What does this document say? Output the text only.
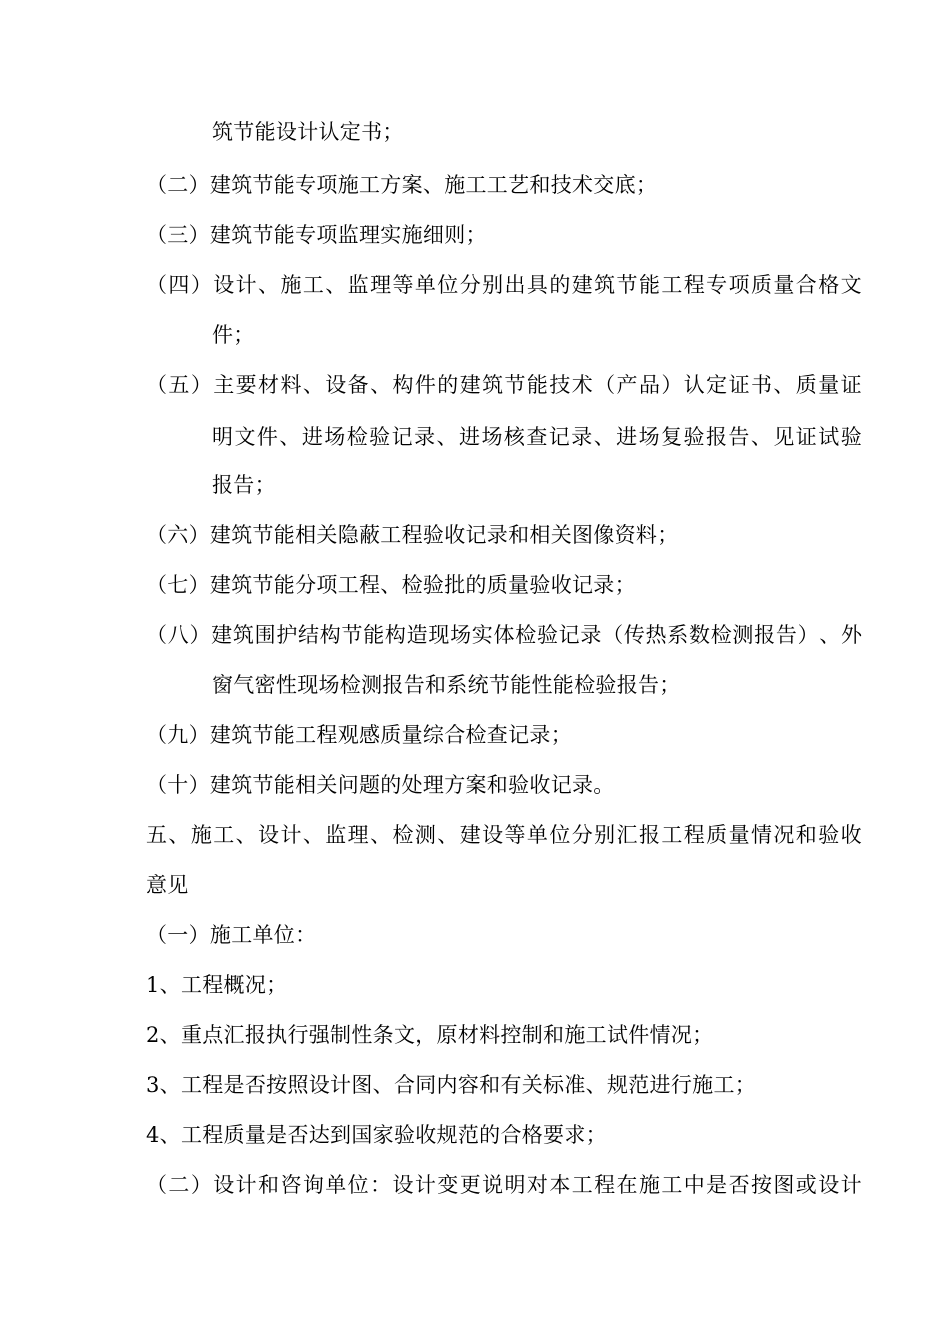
筑节能设计认定书；
（二）建筑节能专项施工方案、施工工艺和技术交底；
（三）建筑节能专项监理实施细则；
（ 四 ） 设 计 、 施 工 、 监 理 等 单 位 分 别 出 具 的 建 筑 节 能 工 程 专 项 质 量 合 格 文
件；
（ 五 ） 主 要 材 料 、 设 备 、 构 件 的 建 筑 节 能 技 术 （ 产 品 ） 认 定 证 书 、 质 量 证
明 文 件 、 进 场 检 验 记 录 、 进 场 核 查 记 录 、 进 场 复 验 报 告 、 见 证 试 验
报告；
（六）建筑节能相关隐蔽工程验收记录和相关图像资料；
（七）建筑节能分项工程、检验批的质量验收记录；
（ 八 ） 建 筑 围 护 结 构 节 能 构 造 现 场 实 体 检 验 记 录 （ 传 热 系 数 检 测 报 告 ） 、 外
窗气密性现场检测报告和系统节能性能检验报告；
（九）建筑节能工程观感质量综合检查记录；
（十）建筑节能相关问题的处理方案和验收记录。
五 、 施 工 、 设 计 、 监 理 、 检 测 、 建 设 等 单 位 分 别 汇 报 工 程 质 量 情 况 和 验 收
意见
（一）施工单位：
1、工程概况；
2、重点汇报执行强制性条文，原材料控制和施工试件情况；
3、工程是否按照设计图、合同内容和有关标准、规范进行施工；
4、工程质量是否达到国家验收规范的合格要求；
（ 二 ） 设 计 和 咨 询 单 位 ： 设 计 变 更 说 明 对 本 工 程 在 施 工 中 是 否 按 图 或 设 计
